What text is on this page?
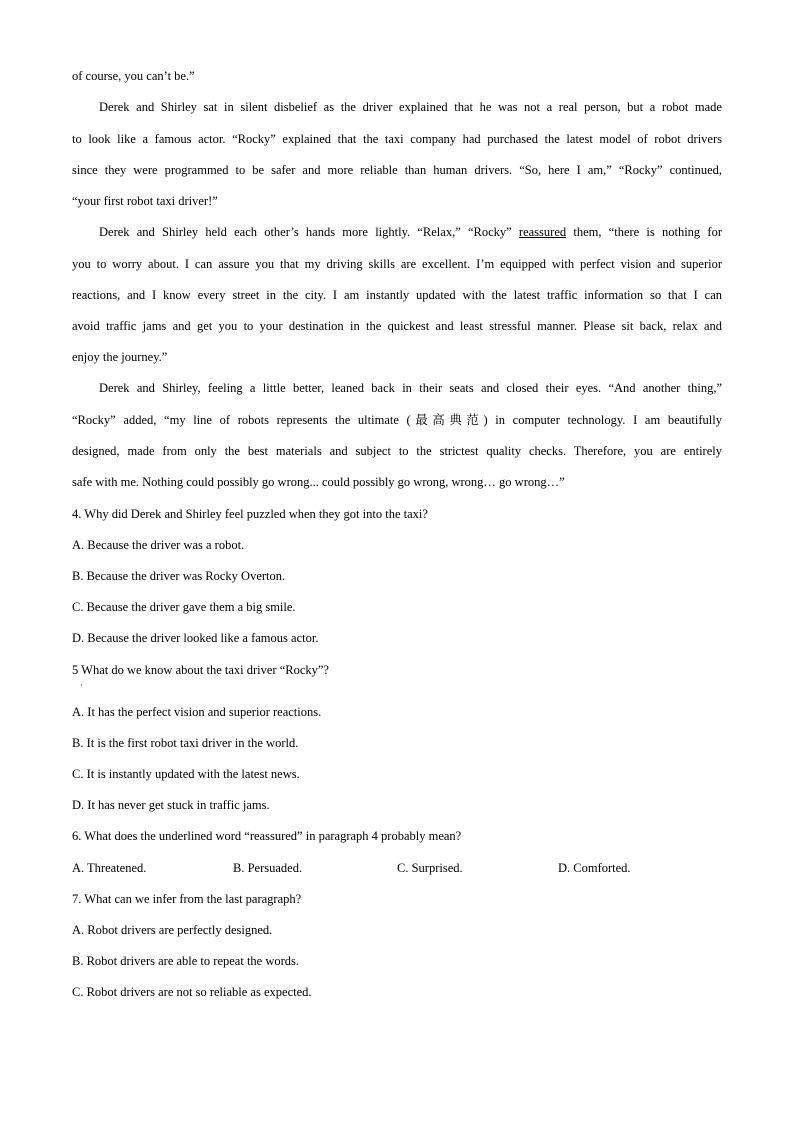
of course, you can’t be.”
Derek and Shirley sat in silent disbelief as the driver explained that he was not a real person, but a robot made
to look like a famous actor. “Rocky” explained that the taxi company had purchased the latest model of robot drivers
since they were programmed to be safer and more reliable than human drivers. “So, here I am,” “Rocky” continued,
“your first robot taxi driver!”
Derek and Shirley held each other’s hands more lightly. “Relax,” “Rocky” reassured them, “there is nothing for
you to worry about. I can assure you that my driving skills are excellent. I’m equipped with perfect vision and superior
reactions, and I know every street in the city. I am instantly updated with the latest traffic information so that I can
avoid traffic jams and get you to your destination in the quickest and least stressful manner. Please sit back, relax and
enjoy the journey.”
Derek and Shirley, feeling a little better, leaned back in their seats and closed their eyes. “And another thing,”
“Rocky” added, “my line of robots represents the ultimate (最高典范) in computer technology. I am beautifully
designed, made from only the best materials and subject to the strictest quality checks. Therefore, you are entirely
safe with me. Nothing could possibly go wrong... could possibly go wrong, wrong… go wrong…”
4. Why did Derek and Shirley feel puzzled when they got into the taxi?
A. Because the driver was a robot.
B. Because the driver was Rocky Overton.
C. Because the driver gave them a big smile.
D. Because the driver looked like a famous actor.
5 What do we know about the taxi driver “Rocky”?
·
A. It has the perfect vision and superior reactions.
B. It is the first robot taxi driver in the world.
C. It is instantly updated with the latest news.
D. It has never get stuck in traffic jams.
6. What does the underlined word “reassured” in paragraph 4 probably mean?
A. Threatened.	B. Persuaded.	C. Surprised.	D. Comforted.
7. What can we infer from the last paragraph?
A. Robot drivers are perfectly designed.
B. Robot drivers are able to repeat the words.
C. Robot drivers are not so reliable as expected.
